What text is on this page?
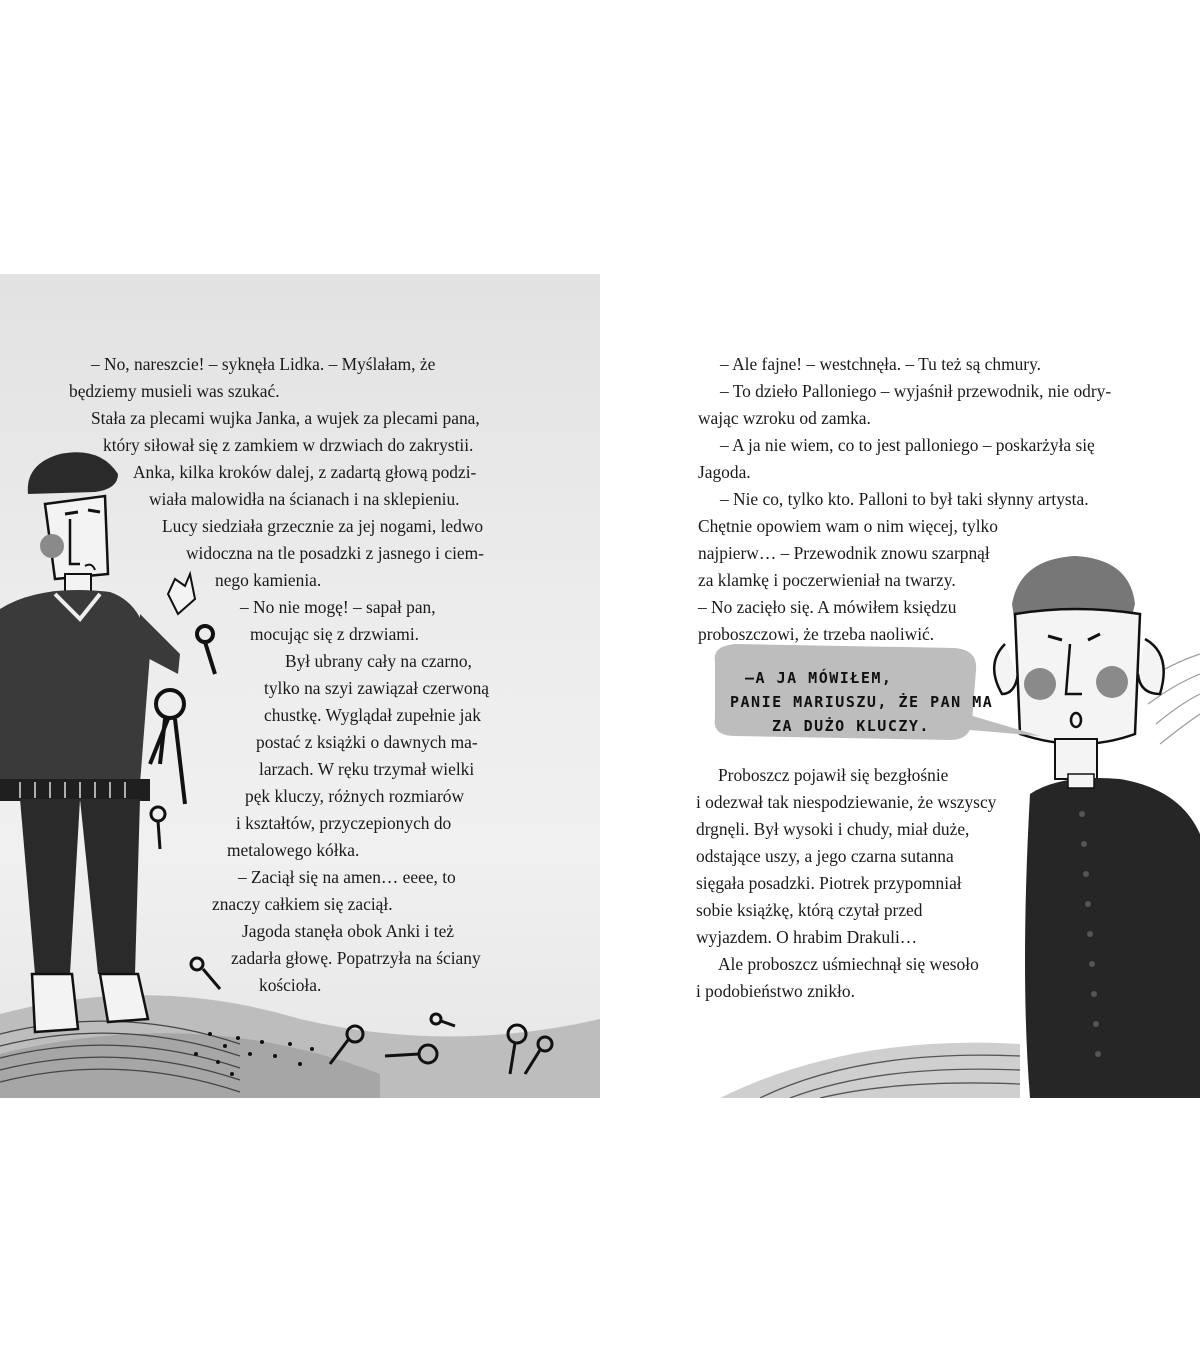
– No, nareszcie! – syknęła Lidka. – Myślałam, że

będziemy musieli was szukać.

Stała za plecami wujka Janka, a wujek za plecami pana,

który siłował się z zamkiem w drzwiach do zakrystii.

Anka, kilka kroków dalej, z zadartą głową podzi-

wiała malowidła na ścianach i na sklepieniu.

Lucy siedziała grzecznie za jej nogami, ledwo

widoczna na tle posadzki z jasnego i ciem-

nego kamienia.

– No nie mogę! – sapał pan,

mocując się z drzwiami.

Był ubrany cały na czarno,

tylko na szyi zawiązał czerwoną

chustkę. Wyglądał zupełnie jak

postać z książki o dawnych ma-

larzach. W ręku trzymał wielki

pęk kluczy, różnych rozmiarów

i kształtów, przyczepionych do

metalowego kółka.

– Zaciął się na amen… eeee, to

znaczy całkiem się zaciął.

Jagoda stanęła obok Anki i też

zadarła głowę. Popatrzyła na ściany

kościoła.

–A JA MÓWIŁEM,
PANIE MARIUSZU, ŻE PAN MA
ZA DUŻO KLUCZY.

– Ale fajne! – westchnęła. – Tu też są chmury.

– To dzieło Palloniego – wyjaśnił przewodnik, nie odry-

wając wzroku od zamka.

– A ja nie wiem, co to jest palloniego – poskarżyła się

Jagoda.

– Nie co, tylko kto. Palloni to był taki słynny artysta.

Chętnie opowiem wam o nim więcej, tylko

najpierw… – Przewodnik znowu szarpnął

za klamkę i poczerwieniał na twarzy.

– No zacięło się. A mówiłem księdzu

proboszczowi, że trzeba naoliwić.

Proboszcz pojawił się bezgłośnie

i odezwał tak niespodziewanie, że wszyscy

drgnęli. Był wysoki i chudy, miał duże,

odstające uszy, a jego czarna sutanna

sięgała posadzki. Piotrek przypomniał

sobie książkę, którą czytał przed

wyjazdem. O hrabim Drakuli…

Ale proboszcz uśmiechnął się wesoło

i podobieństwo znikło.
